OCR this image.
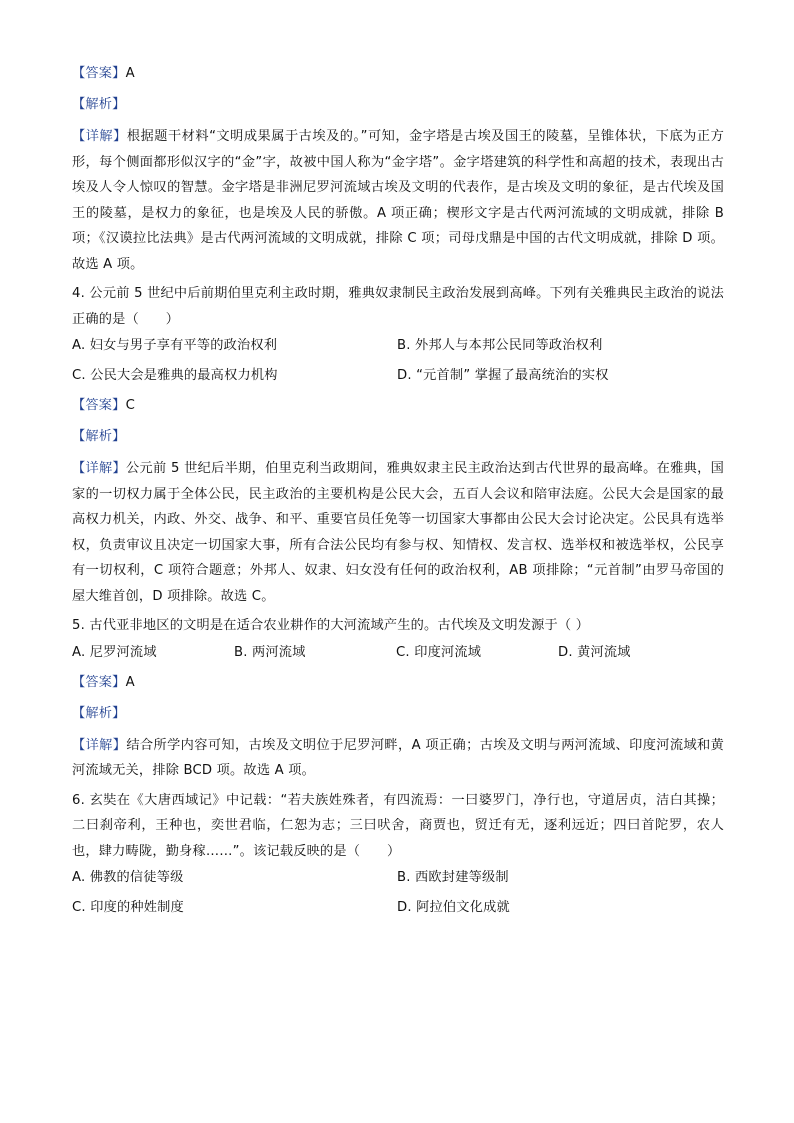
【答案】A

【解析】

【详解】根据题干材料“文明成果属于古埃及的。”可知，金字塔是古埃及国王的陵墓，呈锥体状，下底为正方形，每个侧面都形似汉字的“金”字，故被中国人称为“金字塔”。金字塔建筑的科学性和高超的技术，表现出古埃及人令人惊叹的智慧。金字塔是非洲尼罗河流域古埃及文明的代表作，是古埃及文明的象征，是古代埃及国王的陵墓，是权力的象征，也是埃及人民的骄傲。A 项正确；楔形文字是古代两河流域的文明成就，排除 B 项；《汉谟拉比法典》是古代两河流域的文明成就，排除 C 项；司母戊鼎是中国的古代文明成就，排除 D 项。故选 A 项。

4. 公元前 5 世纪中后前期伯里克利主政时期，雅典奴隶制民主政治发展到高峰。下列有关雅典民主政治的说法正确的是（　　）

A. 妇女与男子享有平等的政治权利	B. 外邦人与本邦公民同等政治权利
C. 公民大会是雅典的最高权力机构	D. “元首制” 掌握了最高统治的实权

【答案】C

【解析】

【详解】公元前 5 世纪后半期，伯里克利当政期间，雅典奴隶主民主政治达到古代世界的最高峰。在雅典，国家的一切权力属于全体公民，民主政治的主要机构是公民大会，五百人会议和陪审法庭。公民大会是国家的最高权力机关，内政、外交、战争、和平、重要官员任免等一切国家大事都由公民大会讨论决定。公民具有选举权，负责审议且决定一切国家大事，所有合法公民均有参与权、知情权、发言权、选举权和被选举权，公民享有一切权利，C 项符合题意；外邦人、奴隶、妇女没有任何的政治权利，AB 项排除；“元首制”由罗马帝国的屋大维首创，D 项排除。故选 C。

5. 古代亚非地区的文明是在适合农业耕作的大河流域产生的。古代埃及文明发源于（ ）

A. 尼罗河流域	B. 两河流域	C. 印度河流域	D. 黄河流域

【答案】A

【解析】

【详解】结合所学内容可知，古埃及文明位于尼罗河畔，A 项正确；古埃及文明与两河流域、印度河流域和黄河流域无关，排除 BCD 项。故选 A 项。

6. 玄奘在《大唐西域记》中记载：“若夫族姓殊者，有四流焉：一曰婆罗门，净行也，守道居贞，洁白其操；二曰刹帝利，王种也，奕世君临，仁恕为志；三曰吠舍，商贾也，贸迁有无，逐利远近；四曰首陀罗，农人也，肆力畴陇，勤身稼……”。该记载反映的是（　　）

A. 佛教的信徒等级	B. 西欧封建等级制
C. 印度的种姓制度	D. 阿拉伯文化成就
